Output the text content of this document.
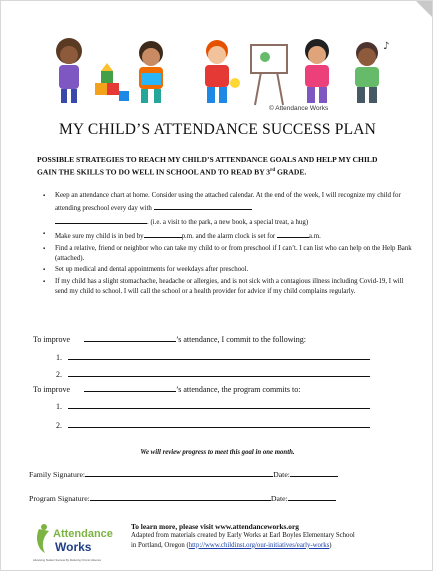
♪
© Attendance Works
MY CHILD’S ATTENDANCE SUCCESS PLAN

POSSIBLE STRATEGIES TO REACH MY CHILD’S ATTENDANCE GOALS AND HELP MY CHILD
GAIN THE SKILLS TO DO WELL IN SCHOOL AND TO READ BY 3rd GRADE.

▪ Keep an attendance chart at home. Consider using the attached calendar. At the end of the week, I will recognize my child for attending preschool every day with
. (i.e. a visit to the park, a new book, a special treat, a hug)
▪ Make sure my child is in bed by	p.m. and the alarm clock is set for	a.m.
▪ Find a relative, friend or neighbor who can take my child to or from preschool if I can’t. I can list who can help on the Help Bank (attached).
▪ Set up medical and dental appointments for weekdays after preschool.
▪ If my child has a slight stomachache, headache or allergies, and is not sick with a contagious illness including Covid-19, I will send my child to school. I will call the school or a health provider for advice if my child complains regularly.
To improve	’s attendance, I commit to the following:
1.
2.
To improve	’s attendance, the program commits to:
1.
2.
We will review progress to meet this goal in one month.
Family Signature:	Date:
Program Signature:	Date:
Attendance
Works
Advancing Student Success By Reducing Chronic Absence
To learn more, please visit www.attendanceworks.org
Adapted from materials created by Early Works at Earl Boyles Elementary School
in Portland, Oregon (http://www.childinst.org/our-initiatives/early-works)
